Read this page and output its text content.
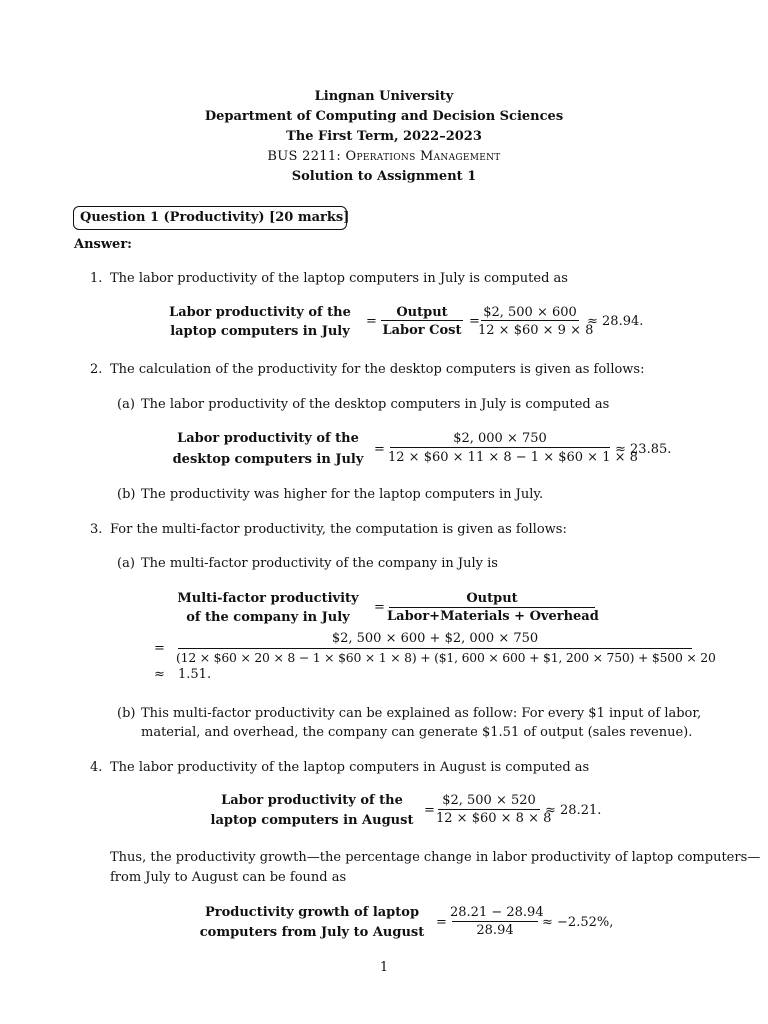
Lingnan University
Department of Computing and Decision Sciences
The First Term, 2022–2023
BUS 2211: Operations Management
Solution to Assignment 1
Question 1 (Productivity) [20 marks]
Answer:
1. The labor productivity of the laptop computers in July is computed as
Labor productivity of the
laptop computers in July
=
Output
Labor Cost
=
$2, 500 × 600
12 × $60 × 9 × 8
≈ 28.94.
2. The calculation of the productivity for the desktop computers is given as follows:
(a) The labor productivity of the desktop computers in July is computed as
Labor productivity of the
desktop computers in July
=
$2, 000 × 750
12 × $60 × 11 × 8 − 1 × $60 × 1 × 8
≈ 23.85.
(b) The productivity was higher for the laptop computers in July.
3. For the multi-factor productivity, the computation is given as follows:
(a) The multi-factor productivity of the company in July is
Multi-factor productivity
of the company in July
=
Output
Labor+Materials + Overhead
=
$2, 500 × 600 + $2, 000 × 750
(12 × $60 × 20 × 8 − 1 × $60 × 1 × 8) + ($1, 600 × 600 + $1, 200 × 750) + $500 × 20
≈ 1.51.
(b) This multi-factor productivity can be explained as follow: For every $1 input of labor,
material, and overhead, the company can generate $1.51 of output (sales revenue).
4. The labor productivity of the laptop computers in August is computed as
Labor productivity of the
laptop computers in August
=
$2, 500 × 520
12 × $60 × 8 × 8
≈ 28.21.
Thus, the productivity growth—the percentage change in labor productivity of laptop computers—
from July to August can be found as
Productivity growth of laptop
computers from July to August
=
28.21 − 28.94
28.94
≈ −2.52%,
1
